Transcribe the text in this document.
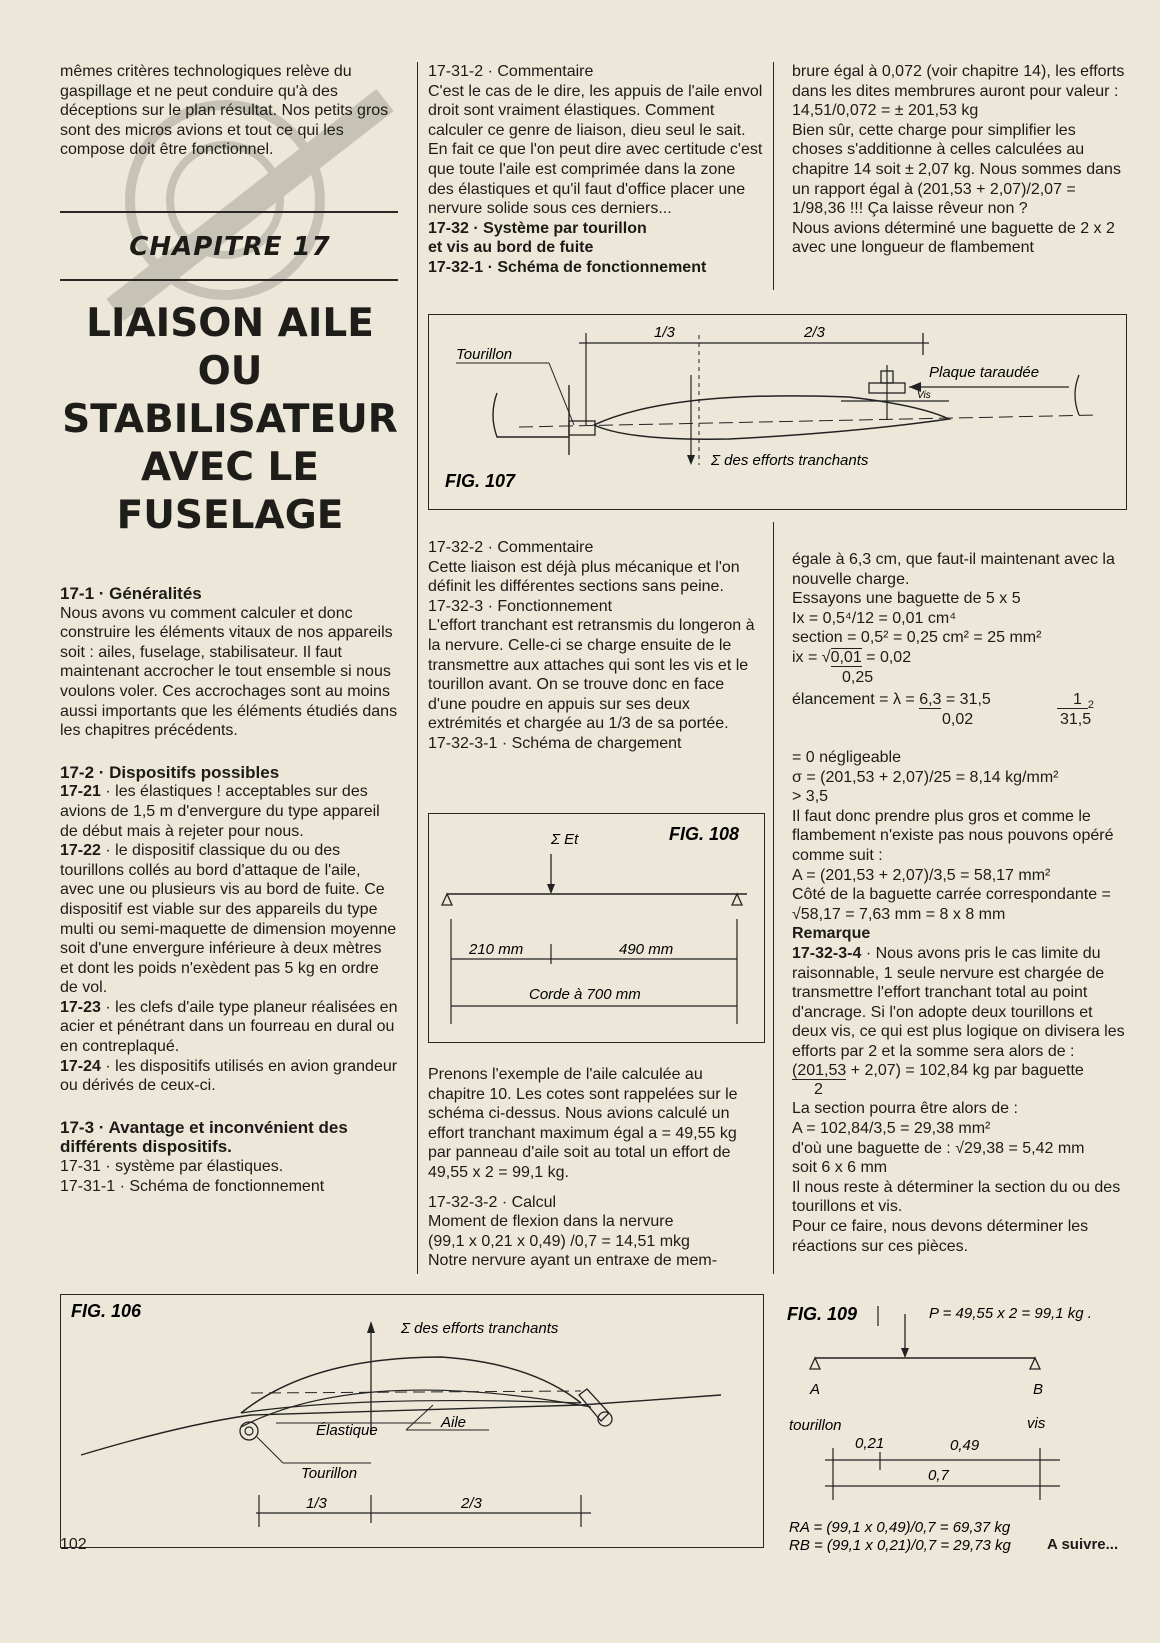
mêmes critères technologiques relève du gaspillage et ne peut conduire qu'à des déceptions sur le plan résultat. Nos petits gros sont des micros avions et tout ce qui les compose doit être fonctionnel.

CHAPITRE 17
LIAISON AILE
OU
STABILISATEUR
AVEC LE
FUSELAGE

17-1 · Généralités

Nous avons vu comment calculer et donc construire les éléments vitaux de nos appareils soit : ailes, fuselage, stabilisateur. Il faut maintenant accrocher le tout ensemble si nous voulons voler. Ces accrochages sont au moins aussi importants que les éléments étudiés dans les chapitres précédents.

17-2 · Dispositifs possibles

17-21 · les élastiques ! acceptables sur des avions de 1,5 m d'envergure du type appareil de début mais à rejeter pour nous.

17-22 · le dispositif classique du ou des tourillons collés au bord d'attaque de l'aile, avec une ou plusieurs vis au bord de fuite. Ce dispositif est viable sur des appareils du type multi ou semi-maquette de dimension moyenne soit d'une envergure inférieure à deux mètres et dont les poids n'exèdent pas 5 kg en ordre de vol.

17-23 · les clefs d'aile type planeur réalisées en acier et pénétrant dans un fourreau en dural ou en contreplaqué.

17-24 · les dispositifs utilisés en avion grandeur ou dérivés de ceux-ci.

17-3 · Avantage et inconvénient des différents dispositifs.

17-31 · système par élastiques.

17-31-1 · Schéma de fonctionnement

17-31-2 · Commentaire

C'est le cas de le dire, les appuis de l'aile envol droit sont vraiment élastiques. Comment calculer ce genre de liaison, dieu seul le sait. En fait ce que l'on peut dire avec certitude c'est que toute l'aile est comprimée dans la zone des élastiques et qu'il faut d'office placer une nervure solide sous ces derniers...

17-32 · Système par tourillon

et vis au bord de fuite

17-32-1 · Schéma de fonctionnement

brure égal à 0,072 (voir chapitre 14), les efforts dans les dites membrures auront pour valeur :

14,51/0,072 = ± 201,53 kg

Bien sûr, cette charge pour simplifier les choses s'additionne à celles calculées au chapitre 14 soit ± 2,07 kg. Nous sommes dans un rapport égal à (201,53 + 2,07)/2,07 = 1/98,36 !!! Ça laisse rêveur non ?

Nous avions déterminé une baguette de 2 x 2 avec une longueur de flambement

1/3	2/3
Tourillon
Plaque taraudée
Vis
Σ des efforts tranchants
FIG. 107

17-32-2 · Commentaire

Cette liaison est déjà plus mécanique et l'on définit les différentes sections sans peine.

17-32-3 · Fonctionnement

L'effort tranchant est retransmis du longeron à la nervure. Celle-ci se charge ensuite de le transmettre aux attaches qui sont les vis et le tourillon avant. On se trouve donc en face d'une poudre en appuis sur ses deux extrémités et chargée au 1/3 de sa portée.

17-32-3-1 · Schéma de chargement

FIG. 108
Σ Et
210 mm	490 mm
Corde à 700 mm

Prenons l'exemple de l'aile calculée au chapitre 10. Les cotes sont rappelées sur le schéma ci-dessus. Nous avions calculé un effort tranchant maximum égal a = 49,55 kg par panneau d'aile soit au total un effort de 49,55 x 2 = 99,1 kg.

17-32-3-2 · Calcul

Moment de flexion dans la nervure

(99,1 x 0,21 x 0,49) /0,7 = 14,51 mkg

Notre nervure ayant un entraxe de mem-

égale à 6,3 cm, que faut-il maintenant avec la nouvelle charge.

Essayons une baguette de 5 x 5

Ix = 0,5⁴/12 = 0,01 cm⁴

section = 0,5² = 0,25 cm² = 25 mm²

ix = √0,01 = 0,02
0,25
élancement = λ = 6,3 = 31,5
0,02
1 $_2$
31,5

= 0 négligeable

σ = (201,53 + 2,07)/25 = 8,14 kg/mm²

> 3,5

Il faut donc prendre plus gros et comme le flambement n'existe pas nous pouvons opéré comme suit :

A = (201,53 + 2,07)/3,5 = 58,17 mm²

Côté de la baguette carrée correspondante = √58,17 = 7,63 mm = 8 x 8 mm

Remarque

17-32-3-4 · Nous avons pris le cas limite du raisonnable, 1 seule nervure est chargée de transmettre l'effort tranchant total au point d'ancrage. Si l'on adopte deux tourillons et deux vis, ce qui est plus logique on divisera les efforts par 2 et la somme sera alors de :

(201,53 + 2,07) = 102,84 kg par baguette
2

La section pourra être alors de :

A = 102,84/3,5 = 29,38 mm²

d'où une baguette de : √29,38 = 5,42 mm

soit 6 x 6 mm

Il nous reste à déterminer la section du ou des tourillons et vis.

Pour ce faire, nous devons déterminer les réactions sur ces pièces.

FIG. 106
Σ des efforts tranchants
Élastique	Aile
Tourillon
1/3	2/3
FIG. 109	P = 49,55 x 2 = 99,1 kg .
A	B
tourillon	vis
0,21	0,49
0,7
RA = (99,1 x 0,49)/0,7 = 69,37 kg
RB = (99,1 x 0,21)/0,7 = 29,73 kg
102	A suivre...
